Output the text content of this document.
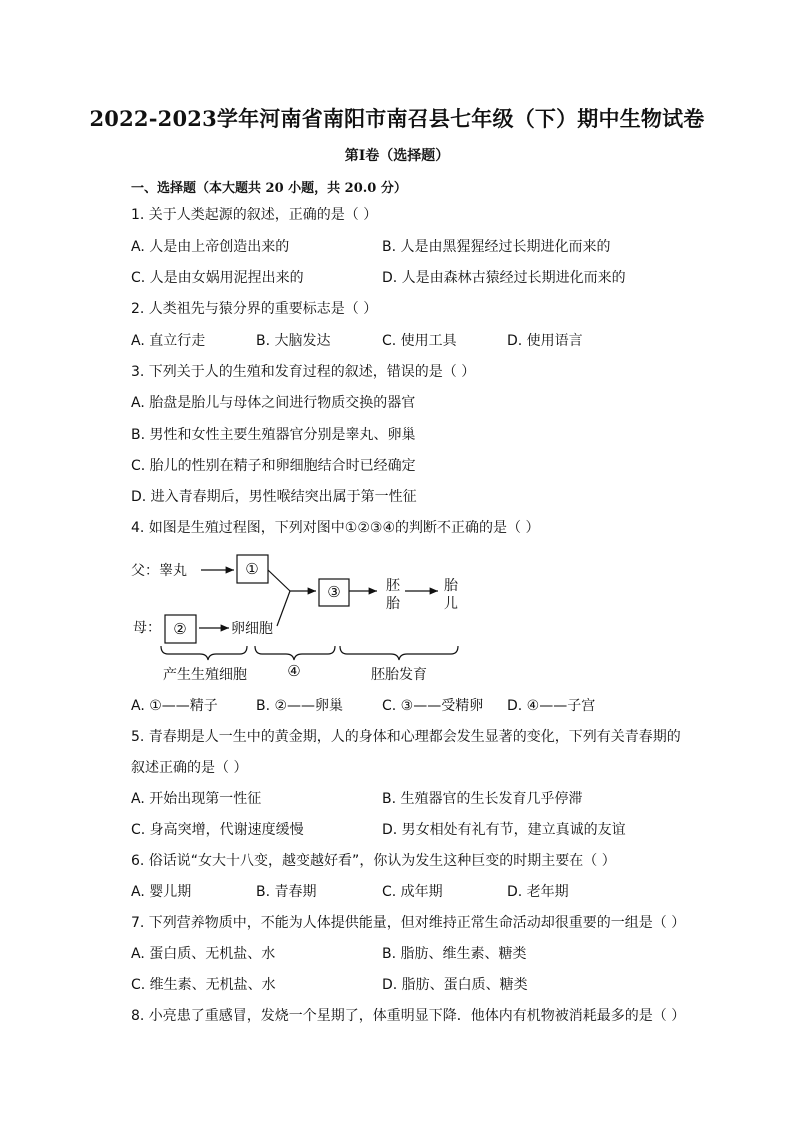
2022-2023学年河南省南阳市南召县七年级（下）期中生物试卷
第I卷（选择题）
一、选择题（本大题共 20 小题，共 20.0 分）
1. 关于人类起源的叙述，正确的是（ ）
A. 人是由上帝创造出来的	B. 人是由黑猩猩经过长期进化而来的
C. 人是由女娲用泥捏出来的	D. 人是由森林古猿经过长期进化而来的
2. 人类祖先与猿分界的重要标志是（ ）
A. 直立行走	B. 大脑发达	C. 使用工具	D. 使用语言
3. 下列关于人的生殖和发育过程的叙述，错误的是（ ）
A. 胎盘是胎儿与母体之间进行物质交换的器官
B. 男性和女性主要生殖器官分别是睾丸、卵巢
C. 胎儿的性别在精子和卵细胞结合时已经确定
D. 进入青春期后，男性喉结突出属于第一性征
4. 如图是生殖过程图，下列对图中①②③④的判断不正确的是（ ）
父：睾丸	①
③	胚
胎
胎
儿
母： ②	卵细胞
产生生殖细胞	④	胚胎发育
A. ①——精子	B. ②——卵巢	C. ③——受精卵 D. ④——子宫
5. 青春期是人一生中的黄金期，人的身体和心理都会发生显著的变化，下列有关青春期的
叙述正确的是（ ）
A. 开始出现第一性征	B. 生殖器官的生长发育几乎停滞
C. 身高突增，代谢速度缓慢	D. 男女相处有礼有节，建立真诚的友谊
6. 俗话说“女大十八变，越变越好看”，你认为发生这种巨变的时期主要在（ ）
A. 婴儿期	B. 青春期	C. 成年期	D. 老年期
7. 下列营养物质中，不能为人体提供能量，但对维持正常生命活动却很重要的一组是（ ）
A. 蛋白质、无机盐、水	B. 脂肪、维生素、糖类
C. 维生素、无机盐、水	D. 脂肪、蛋白质、糖类
8. 小亮患了重感冒，发烧一个星期了，体重明显下降．他体内有机物被消耗最多的是（ ）
